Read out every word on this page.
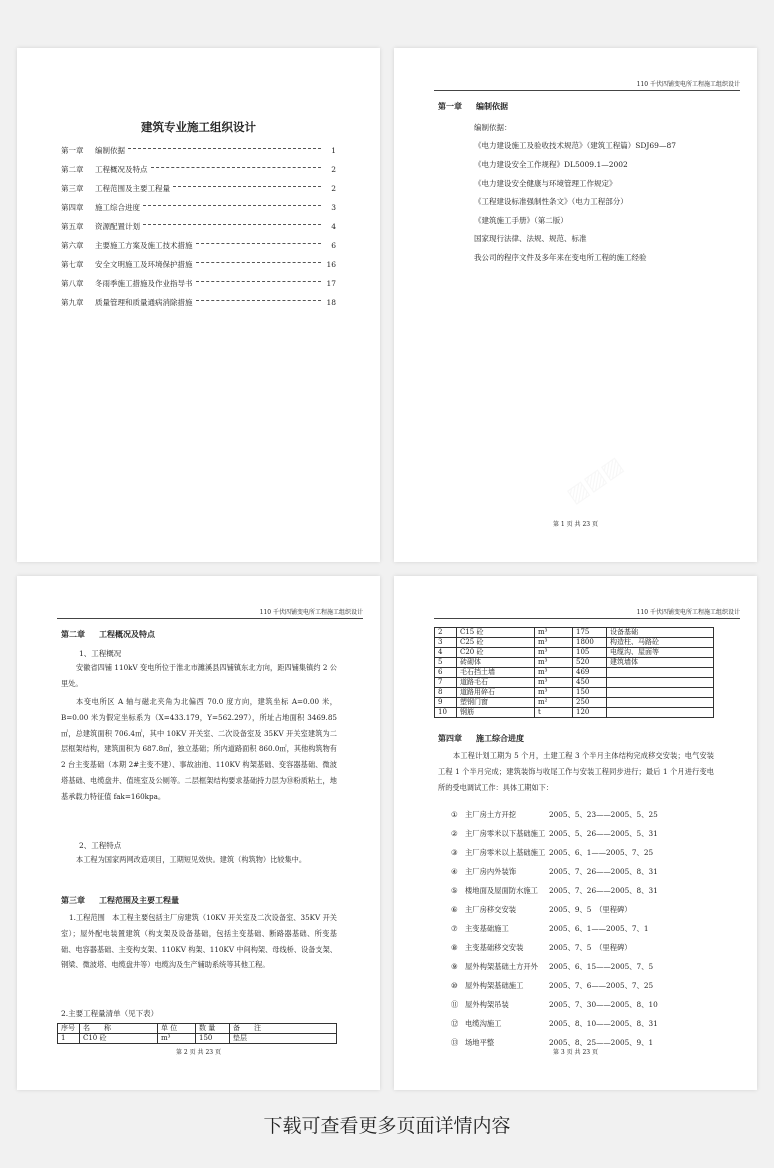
建筑专业施工组织设计
第一章	编制依据	1
第二章	工程概况及特点	2
第三章	工程范围及主要工程量	2
第四章	施工综合进度	3
第五章	资源配置计划	4
第六章	主要施工方案及施工技术措施	6
第七章	安全文明施工及环境保护措施	16
第八章	冬雨季施工措施及作业指导书	17
第九章	质量管理和质量通病消除措施	18
110 千伏四铺变电所工程施工组织设计
第一章 编制依据
编制依据：
《电力建设施工及验收技术规范》（建筑工程篇）SDJ69—87
《电力建设安全工作规程》DL5009.1—2002
《电力建设安全健康与环境管理工作规定》
《工程建设标准强制性条文》（电力工程部分）
《建筑施工手册》（第二版）
国家现行法律、法规、规范、标准
我公司的程序文件及多年来在变电所工程的施工经验
第 1 页 共 23 页
110 千伏四铺变电所工程施工组织设计
第二章 工程概况及特点
1、工程概况
安徽省四铺 110kV 变电所位于淮北市濉溪县四铺镇东北方向，距四铺集镇约 2 公里处。
本变电所区 A 轴与磁北夹角为北偏西 70.0 度方向，建筑坐标 A=0.00 米，B=0.00 米为假定坐标系为（X=433.179，Y=562.297），所址占地面积 3469.85㎡，总建筑面积 706.4㎡，其中 10KV 开关室、二次设备室及 35KV 开关室建筑为二层框架结构，建筑面积为 687.8㎡，独立基础；所内道路面积 860.0㎡，其他构筑物有 2 台主变基础（本期 2#主变不建）、事故油池、110KV 构架基础、变容器基础、微波塔基础、电缆盘井、值班室及公厕等。二层框架结构要求基础持力层为⑩粉质粘土，地基承载力特征值 fak=160kpa。
2、工程特点
本工程为国家两网改造项目，工期短见效快。建筑（构筑物）比较集中。
第三章 工程范围及主要工程量
1.工程范围　本工程主要包括主厂房建筑（10KV 开关室及二次设备室、35KV 开关室）；屋外配电装置建筑（构支架及设备基础，包括主变基础、断路器基础、所变基础、电容器基础、主变构支架、110KV 构架、110KV 中间构架、母线桥、设备支架、钢梁、微波塔、电缆盘井等）电缆沟及生产辅助系统等其他工程。
2.主要工程量清单（见下表）
序号	名　　称	单 位	数 量	备　　注
1	C10 砼	m³	150	垫层
第 2 页 共 23 页
110 千伏四铺变电所工程施工组织设计
2	C15 砼	m³	175	设备基础
3	C25 砼	m³	1800	构造柱、马路砼
4	C20 砼	m³	105	电缆沟、屋面等
5	砖砌体	m³	520	建筑墙体
6	毛石挡土墙	m³	469	
7	道路毛石	m³	450	
8	道路用碎石	m³	150	
9	塑钢门窗	m²	250	
10	钢筋	t	120	
第四章 施工综合进度
本工程计划工期为 5 个月，土建工程 3 个半月主体结构完成移交安装；电气安装工程 1 个半月完成；建筑装饰与收尾工作与安装工程同步进行；最后 1 个月进行变电所的受电调试工作：具体工期如下：
①	主厂房土方开挖	2005、5、23——2005、5、25
②	主厂房零米以下基础施工 2005、5、26——2005、5、31
③	主厂房零米以上基础施工 2005、6、1——2005、7、25
④	主厂房内外装饰	2005、7、26——2005、8、31
⑤	楼地面及屋面防水施工	2005、7、26——2005、8、31
⑥	主厂房移交安装	2005、9、5　（里程碑）
⑦	主变基础施工	2005、6、1——2005、7、1
⑧	主变基础移交安装	2005、7、5　（里程碑）
⑨	屋外构架基础土方开外	2005、6、15——2005、7、5
⑩	屋外构架基础施工	2005、7、6——2005、7、25
⑪ 屋外构架吊装	2005、7、30——2005、8、10
⑫ 电缆沟施工	2005、8、10——2005、8、31
⑬ 场地平整	2005、8、25——2005、9、1
第 3 页 共 23 页
下载可查看更多页面详情内容
